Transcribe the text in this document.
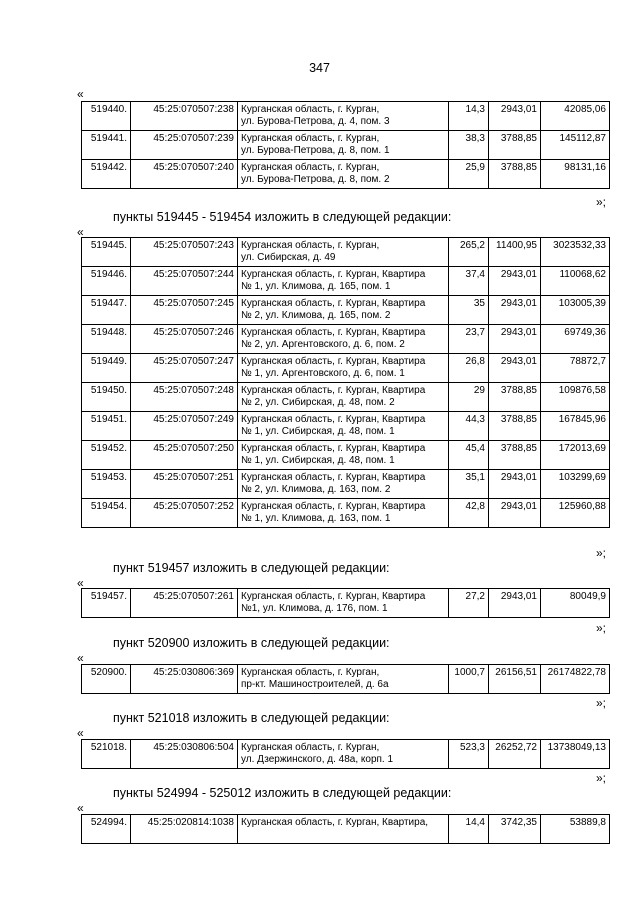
347
«
519440.	45:25:070507:238	Курганская область, г. Курган,
ул. Бурова-Петрова, д. 4, пом. 3	14,3	2943,01	42085,06
519441.	45:25:070507:239	Курганская область, г. Курган,
ул. Бурова-Петрова, д. 8, пом. 1	38,3	3788,85	145112,87
519442.	45:25:070507:240	Курганская область, г. Курган,
ул. Бурова-Петрова, д. 8, пом. 2	25,9	3788,85	98131,16
»;
пункты 519445 - 519454 изложить в следующей редакции:
«
519445.	45:25:070507:243	Курганская область, г. Курган,
ул. Сибирская, д. 49	265,2	11400,95	3023532,33
519446.	45:25:070507:244	Курганская область, г. Курган, Квартира
№ 1, ул. Климова, д. 165, пом. 1	37,4	2943,01	110068,62
519447.	45:25:070507:245	Курганская область, г. Курган, Квартира
№ 2, ул. Климова, д. 165, пом. 2	35	2943,01	103005,39
519448.	45:25:070507:246	Курганская область, г. Курган, Квартира
№ 2, ул. Аргентовского, д. 6, пом. 2	23,7	2943,01	69749,36
519449.	45:25:070507:247	Курганская область, г. Курган, Квартира
№ 1, ул. Аргентовского, д. 6, пом. 1	26,8	2943,01	78872,7
519450.	45:25:070507:248	Курганская область, г. Курган, Квартира
№ 2, ул. Сибирская, д. 48, пом. 2	29	3788,85	109876,58
519451.	45:25:070507:249	Курганская область, г. Курган, Квартира
№ 1, ул. Сибирская, д. 48, пом. 1	44,3	3788,85	167845,96
519452.	45:25:070507:250	Курганская область, г. Курган, Квартира
№ 1, ул. Сибирская, д. 48, пом. 1	45,4	3788,85	172013,69
519453.	45:25:070507:251	Курганская область, г. Курган, Квартира
№ 2, ул. Климова, д. 163, пом. 2	35,1	2943,01	103299,69
519454.	45:25:070507:252	Курганская область, г. Курган, Квартира
№ 1, ул. Климова, д. 163, пом. 1	42,8	2943,01	125960,88
»;
пункт 519457 изложить в следующей редакции:
«
519457.	45:25:070507:261	Курганская область, г. Курган, Квартира
№1, ул. Климова, д. 176, пом. 1
	27,2	2943,01	80049,9
»;
пункт 520900 изложить в следующей редакции:
«
520900.	45:25:030806:369	Курганская область, г. Курган,
пр-кт. Машиностроителей, д. 6а
	1000,7	26156,51	26174822,78
»;
пункт 521018 изложить в следующей редакции:
«
521018.	45:25:030806:504	Курганская область, г. Курган,
ул. Дзержинского, д. 48а, корп. 1
	523,3	26252,72	13738049,13
»;
пункты 524994 - 525012 изложить в следующей редакции:
«
524994.	45:25:020814:1038	Курганская область, г. Курган, Квартира,	14,4	3742,35	53889,8
